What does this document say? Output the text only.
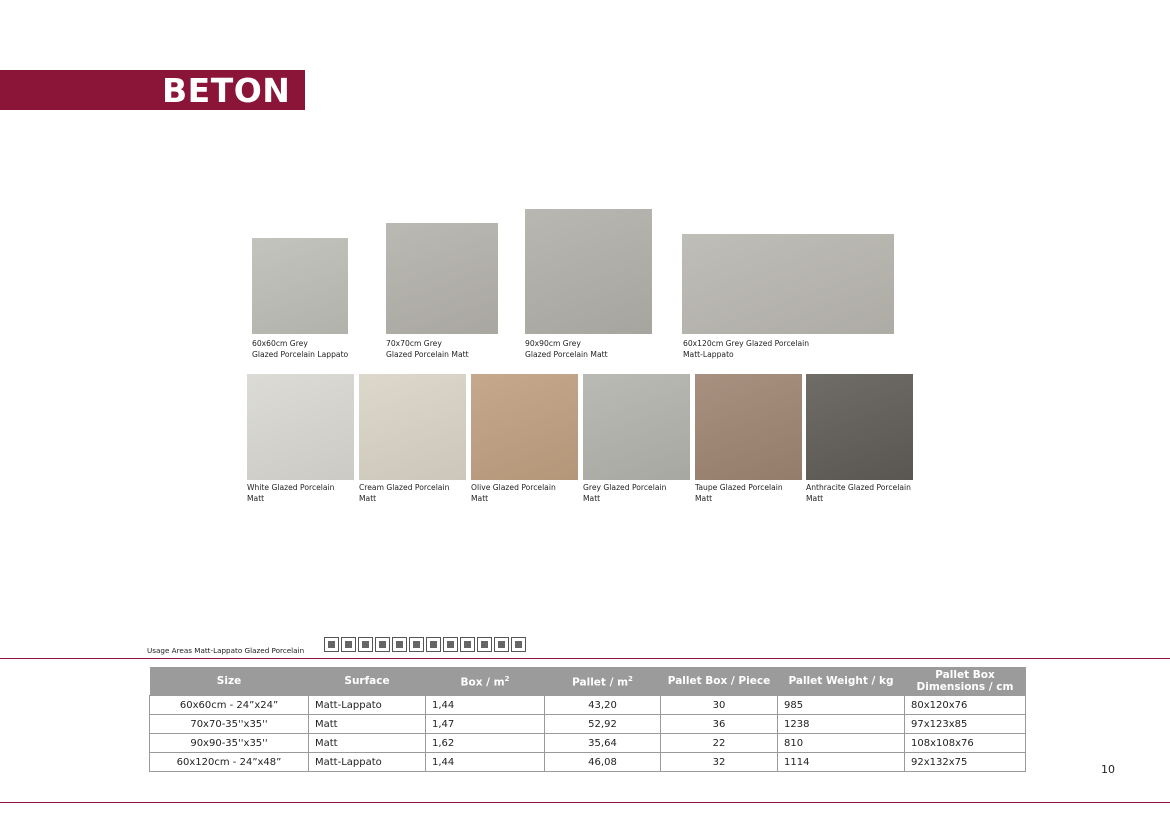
BETON
60x60cm Grey
Glazed Porcelain Lappato
70x70cm Grey
Glazed Porcelain Matt
90x90cm Grey
Glazed Porcelain Matt
60x120cm Grey Glazed Porcelain
Matt-Lappato
White Glazed Porcelain
Matt
Cream Glazed Porcelain
Matt
Olive Glazed Porcelain
Matt
Grey Glazed Porcelain
Matt
Taupe Glazed Porcelain
Matt
Anthracite Glazed Porcelain
Matt
Usage Areas Matt-Lappato Glazed Porcelain
Size	Surface	Box / $m^2$	Pallet / $m^2$	Pallet Box / Piece	Pallet Weight / kg	Pallet Box
Dimensions / cm

60x60cm - 24”x24”	Matt-Lappato	1,44	43,20	30	985	80x120x76
70x70-35''x35''	Matt	1,47	52,92	36	1238	97x123x85
90x90-35''x35''	Matt	1,62	35,64	22	810	108x108x76
60x120cm - 24”x48”	Matt-Lappato	1,44	46,08	32	1114	92x132x75
10
